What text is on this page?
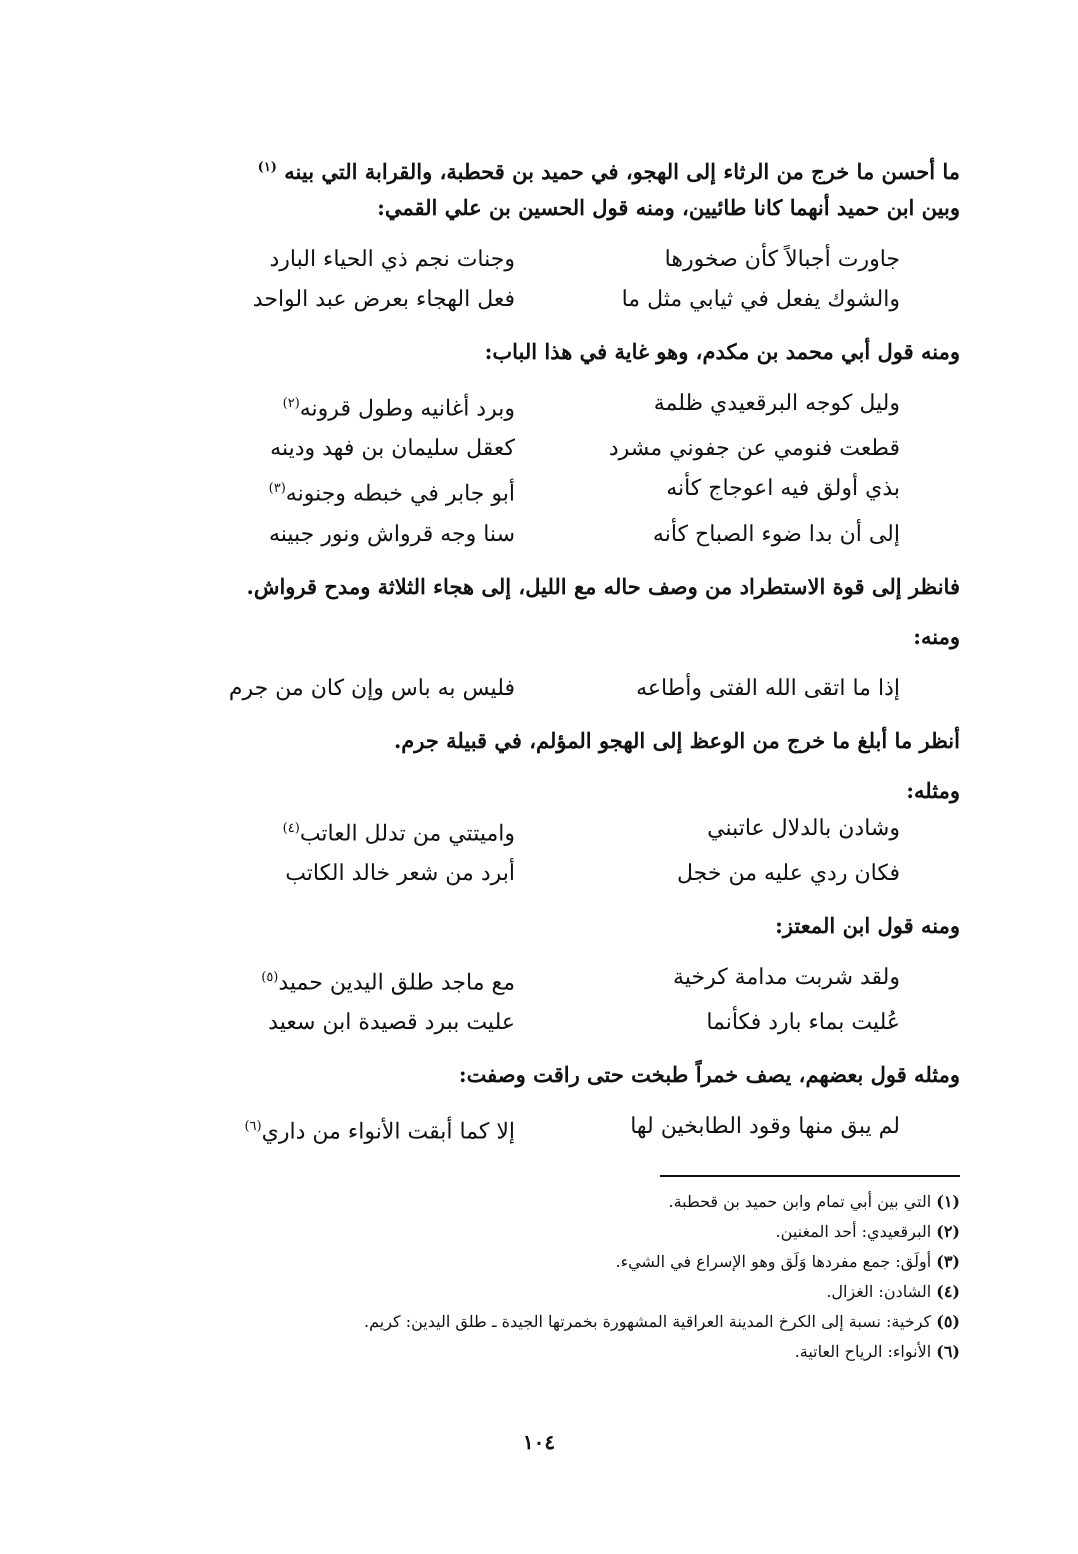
ما أحسن ما خرج من الرثاء إلى الهجو، في حميد بن قحطبة، والقرابة التي بينه $^{(١)}$
وبين ابن حميد أنهما كانا طائيين، ومنه قول الحسين بن علي القمي:
جاورت أجبالاً كأن صخورها
وجنات نجم ذي الحياء البارد
والشوك يفعل في ثيابي مثل ما
فعل الهجاء بعرض عبد الواحد
ومنه قول أبي محمد بن مكدم، وهو غاية في هذا الباب:
وليل كوجه البرقعيدي ظلمة
وبرد أغانيه وطول قرونه$^{(٢)}$
قطعت فنومي عن جفوني مشرد
كعقل سليمان بن فهد ودينه
بذي أولق فيه اعوجاج كأنه
أبو جابر في خبطه وجنونه$^{(٣)}$
إلى أن بدا ضوء الصباح كأنه
سنا وجه قرواش ونور جبينه
فانظر إلى قوة الاستطراد من وصف حاله مع الليل، إلى هجاء الثلاثة ومدح قرواش.
ومنه:
إذا ما اتقى الله الفتى وأطاعه
فليس به باس وإن كان من جرم
أنظر ما أبلغ ما خرج من الوعظ إلى الهجو المؤلم، في قبيلة جرم.
ومثله:
وشادن بالدلال عاتبني
واميتتي من تدلل العاتب$^{(٤)}$
فكان ردي عليه من خجل
أبرد من شعر خالد الكاتب
ومنه قول ابن المعتز:
ولقد شربت مدامة كرخية
مع ماجد طلق اليدين حميد$^{(٥)}$
عُليت بماء بارد فكأنما
عليت ببرد قصيدة ابن سعيد
ومثله قول بعضهم، يصف خمراً طبخت حتى راقت وصفت:
لم يبق منها وقود الطابخين لها
إلا كما أبقت الأنواء من داري$^{(٦)}$
(١) التي بين أبي تمام وابن حميد بن قحطبة.
(٢) البرقعيدي: أحد المغنين.
(٣) أولَق: جمع مفردها وَلَق وهو الإسراع في الشيء.
(٤) الشادن: الغزال.
(٥) كرخية: نسبة إلى الكرخ المدينة العراقية المشهورة بخمرتها الجيدة ـ طلق اليدين: كريم.
(٦) الأنواء: الرياح العاتية.
١٠٤
